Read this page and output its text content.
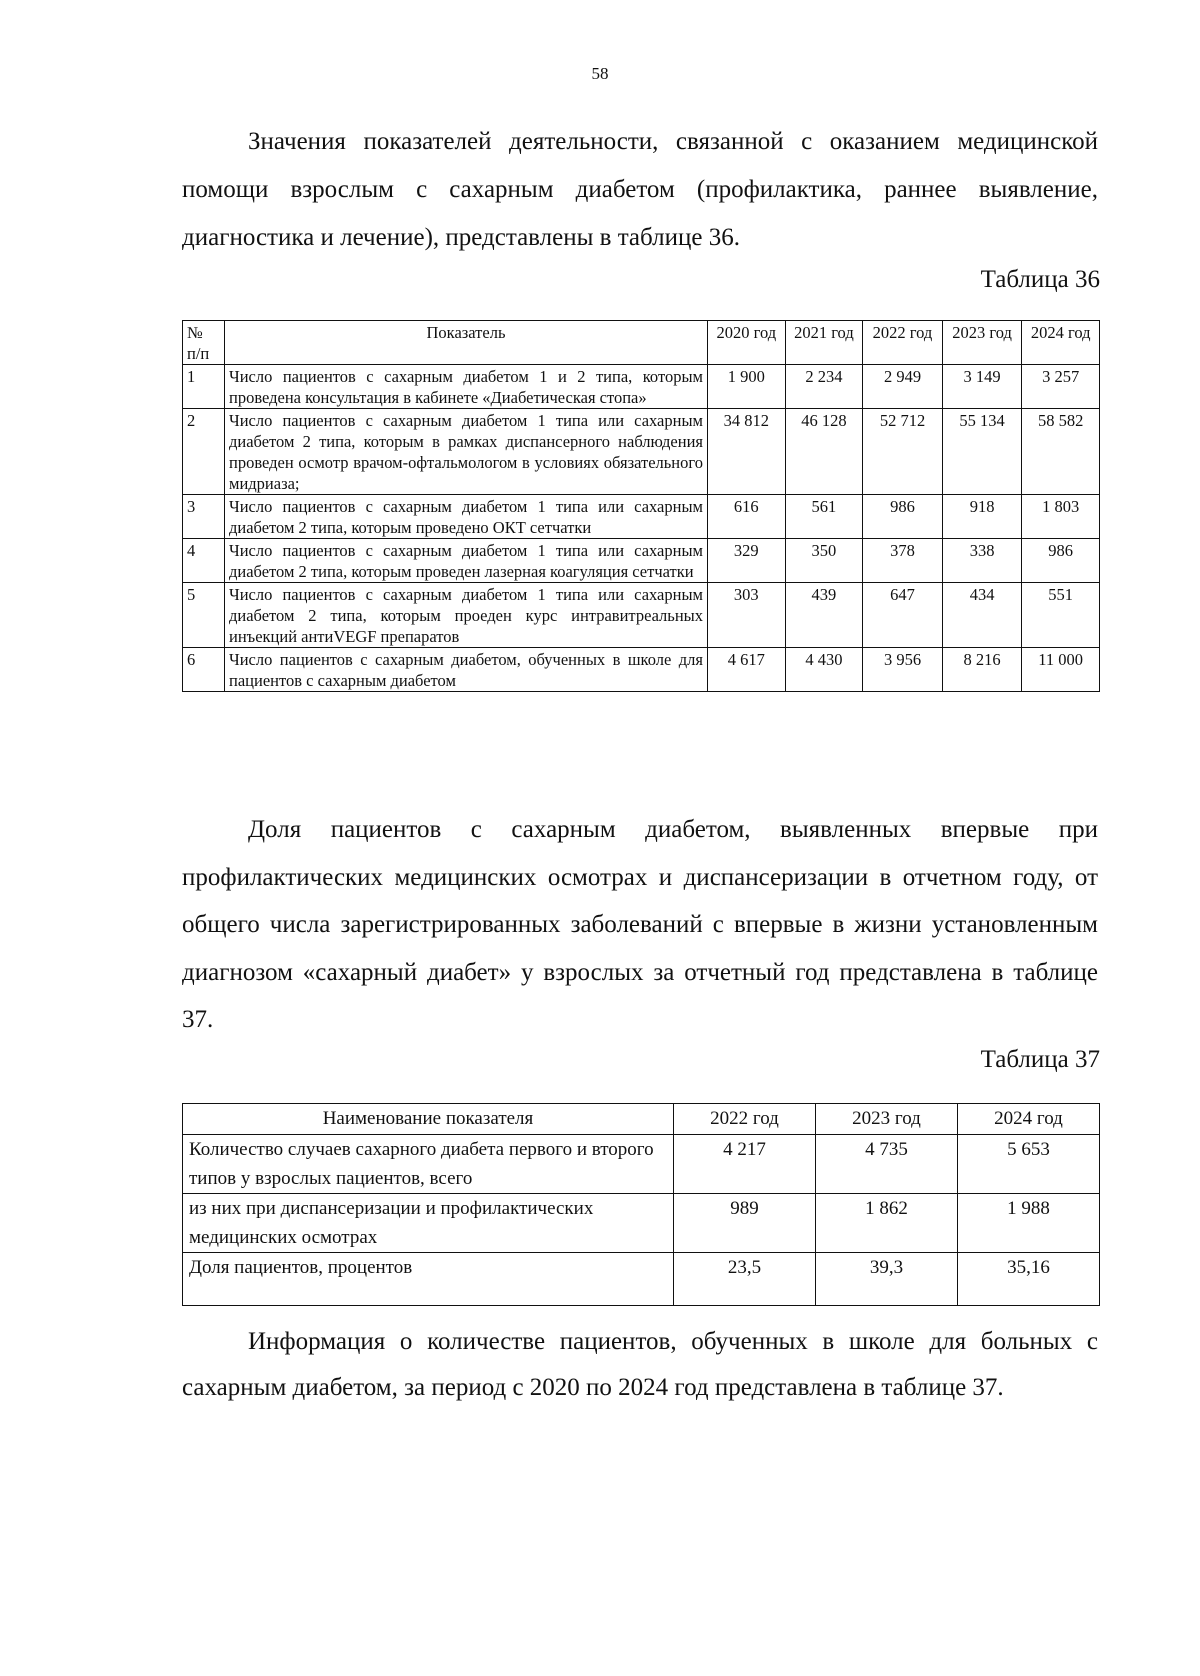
58

Значения показателей деятельности, связанной с оказанием медицинской помощи взрослым с сахарным диабетом (профилактика, раннее выявление, диагностика и лечение), представлены в таблице 36.

Таблица 36
№ п/п	Показатель	2020 год	2021 год	2022 год	2023 год	2024 год
1	Число пациентов с сахарным диабетом 1 и 2 типа, которым проведена консультация в кабинете «Диабетическая стопа»	1 900	2 234	2 949	3 149	3 257
2	Число пациентов с сахарным диабетом 1 типа или сахарным диабетом 2 типа, которым в рамках диспансерного наблюдения проведен осмотр врачом-офтальмологом в условиях обязательного мидриаза;	34 812	46 128	52 712	55 134	58 582
3	Число пациентов с сахарным диабетом 1 типа или сахарным диабетом 2 типа, которым проведено ОКТ сетчатки	616	561	986	918	1 803
4	Число пациентов с сахарным диабетом 1 типа или сахарным диабетом 2 типа, которым проведен лазерная коагуляция сетчатки	329	350	378	338	986
5	Число пациентов с сахарным диабетом 1 типа или сахарным диабетом 2 типа, которым проеден курс интравитреальных инъекций антиVEGF препаратов	303	439	647	434	551
6	Число пациентов с сахарным диабетом, обученных в школе для пациентов с сахарным диабетом	4 617	4 430	3 956	8 216	11 000

Доля пациентов с сахарным диабетом, выявленных впервые при профилактических медицинских осмотрах и диспансеризации в отчетном году, от общего числа зарегистрированных заболеваний с впервые в жизни установленным диагнозом «сахарный диабет» у взрослых за отчетный год представлена в таблице 37.

Таблица 37
Наименование показателя	2022 год	2023 год	2024 год
Количество случаев сахарного диабета первого и второго типов у взрослых пациентов, всего	4 217	4 735	5 653
из них при диспансеризации и профилактических медицинских осмотрах	989	1 862	1 988
Доля пациентов, процентов	23,5	39,3	35,16

Информация о количестве пациентов, обученных в школе для больных с сахарным диабетом, за период с 2020 по 2024 год представлена в таблице 37.
